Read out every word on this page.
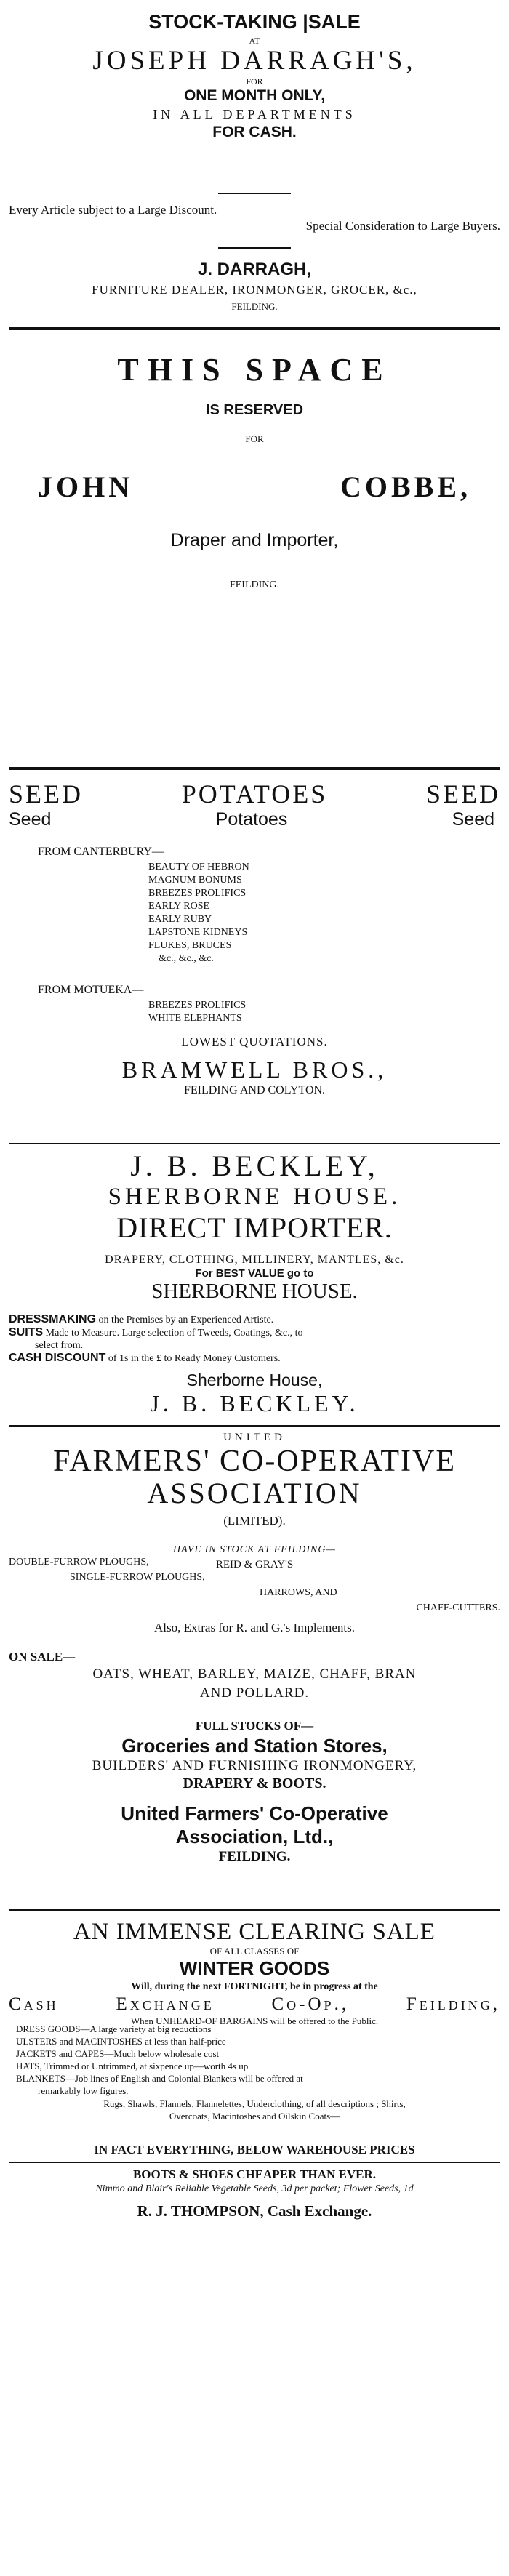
STOCK-TAKING |SALE
AT
JOSEPH DARRAGH'S,
FOR
ONE MONTH ONLY,
IN ALL DEPARTMENTS
FOR CASH.
Every Article subject to a Large Discount.
Special Consideration to Large Buyers.
J. DARRAGH,
FURNITURE DEALER, IRONMONGER, GROCER, &c.,
FEILDING.
THIS SPACE
IS RESERVED
FOR
JOHN	COBBE,
Draper and Importer,
FEILDING.
SEED	POTATOES	SEED
Seed	Potatoes	Seed
FROM CANTERBURY—
BEAUTY OF HEBRON
MAGNUM BONUMS
BREEZES PROLIFICS
EARLY ROSE
EARLY RUBY
LAPSTONE KIDNEYS
FLUKES, BRUCES
&c., &c., &c.
FROM MOTUEKA—
BREEZES PROLIFICS
WHITE ELEPHANTS
LOWEST QUOTATIONS.
BRAMWELL BROS.,
FEILDING AND COLYTON.
J. B. BECKLEY,
SHERBORNE HOUSE.
DIRECT IMPORTER.
DRAPERY, CLOTHING, MILLINERY, MANTLES, &c.
For BEST VALUE go to
SHERBORNE HOUSE.
DRESSMAKING on the Premises by an Experienced Artiste.
SUITS Made to Measure. Large selection of Tweeds, Coatings, &c., to
select from.
CASH DISCOUNT of 1s in the £ to Ready Money Customers.
Sherborne House,
J. B. BECKLEY.
UNITED
FARMERS' CO-OPERATIVE
ASSOCIATION
(LIMITED).
HAVE IN STOCK AT FEILDING—
REID & GRAY'S
DOUBLE-FURROW PLOUGHS,
SINGLE-FURROW PLOUGHS,
HARROWS, AND
CHAFF-CUTTERS.
Also, Extras for R. and G.'s Implements.
ON SALE—
OATS, WHEAT, BARLEY, MAIZE, CHAFF, BRAN
AND POLLARD.
FULL STOCKS OF—
Groceries and Station Stores,
BUILDERS' AND FURNISHING IRONMONGERY,
DRAPERY & BOOTS.
United Farmers' Co-Operative
Association, Ltd.,
FEILDING.
AN IMMENSE CLEARING SALE
OF ALL CLASSES OF
WINTER GOODS
Will, during the next FORTNIGHT, be in progress at the
Cash	Exchange	Co-Op.,	Feilding,
When UNHEARD-OF BARGAINS will be offered to the Public.
DRESS GOODS—A large variety at big reductions
ULSTERS and MACINTOSHES at less than half-price
JACKETS and CAPES—Much below wholesale cost
HATS, Trimmed or Untrimmed, at sixpence up—worth 4s up
BLANKETS—Job lines of English and Colonial Blankets will be offered at
remarkably low figures.
Rugs, Shawls, Flannels, Flannelettes, Underclothing, of all descriptions ; Shirts,
Overcoats, Macintoshes and Oilskin Coats—
IN FACT EVERYTHING, BELOW WAREHOUSE PRICES
BOOTS & SHOES CHEAPER THAN EVER.
Nimmo and Blair's Reliable Vegetable Seeds, 3d per packet; Flower Seeds, 1d
R. J. THOMPSON, Cash Exchange.
